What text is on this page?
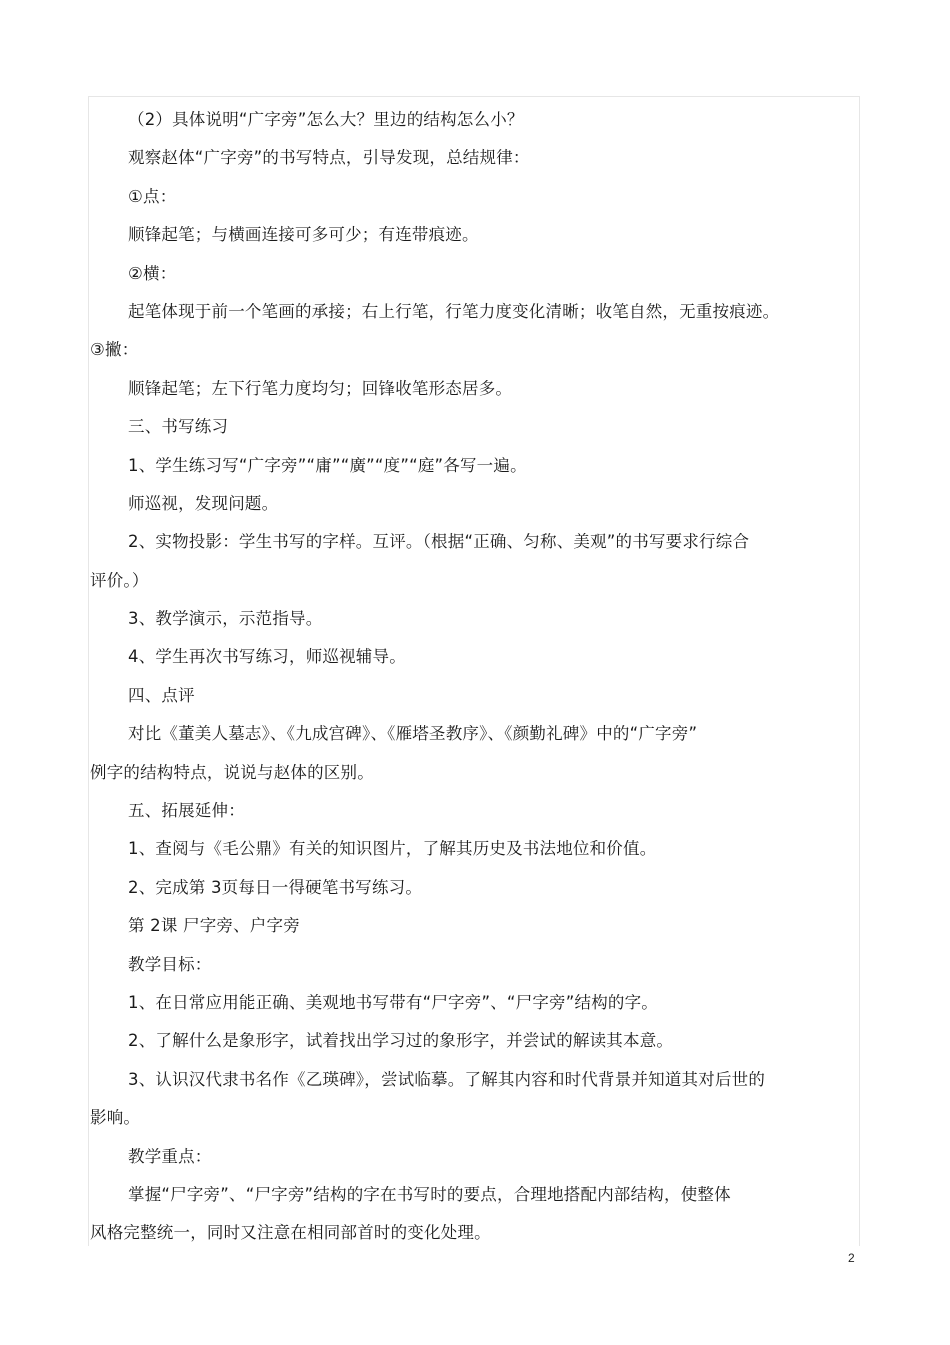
（2）具体说明“广字旁”怎么大？里边的结构怎么小？
观察赵体“广字旁”的书写特点，引导发现，总结规律：
①点：
顺锋起笔；与横画连接可多可少；有连带痕迹。
②横：
起笔体现于前一个笔画的承接；右上行笔，行笔力度变化清晰；收笔自然，无重按痕迹。
③撇：
顺锋起笔；左下行笔力度均匀；回锋收笔形态居多。
三、书写练习
1、学生练习写“广字旁”“庸”“廣”“度”“庭”各写一遍。
师巡视，发现问题。
2、实物投影：学生书写的字样。互评。（根据“正确、匀称、美观”的书写要求行综合
评价。）
3、教学演示，示范指导。
4、学生再次书写练习，师巡视辅导。
四、点评
对比《董美人墓志》、《九成宫碑》、《雁塔圣教序》、《颜勤礼碑》中的“广字旁”
例字的结构特点，说说与赵体的区别。
五、拓展延伸：
1、查阅与《毛公鼎》有关的知识图片，了解其历史及书法地位和价值。
2、完成第 3页每日一得硬笔书写练习。
第 2课 尸字旁、户字旁
教学目标：
1、在日常应用能正确、美观地书写带有“尸字旁”、“尸字旁”结构的字。
2、了解什么是象形字，试着找出学习过的象形字，并尝试的解读其本意。
3、认识汉代隶书名作《乙瑛碑》，尝试临摹。了解其内容和时代背景并知道其对后世的
影响。
教学重点：
掌握“尸字旁”、“尸字旁”结构的字在书写时的要点，合理地搭配内部结构，使整体
风格完整统一，同时又注意在相同部首时的变化处理。
2
